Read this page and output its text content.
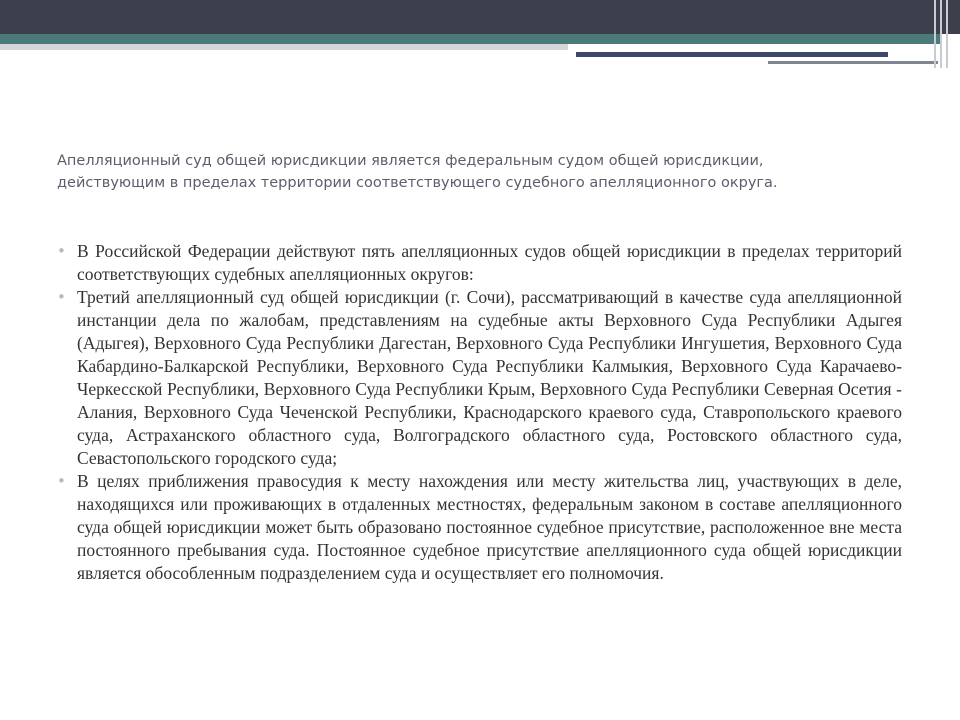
Апелляционный суд общей юрисдикции является федеральным судом общей юрисдикции, действующим в пределах территории соответствующего судебного апелляционного округа.

• В Российской Федерации действуют пять апелляционных судов общей юрисдикции в пределах территорий соответствующих судебных апелляционных округов:
• Третий апелляционный суд общей юрисдикции (г. Сочи), рассматривающий в качестве суда апелляционной инстанции дела по жалобам, представлениям на судебные акты Верховного Суда Республики Адыгея (Адыгея), Верховного Суда Республики Дагестан, Верховного Суда Республики Ингушетия, Верховного Суда Кабардино-Балкарской Республики, Верховного Суда Республики Калмыкия, Верховного Суда Карачаево-Черкесской Республики, Верховного Суда Республики Крым, Верховного Суда Республики Северная Осетия - Алания, Верховного Суда Чеченской Республики, Краснодарского краевого суда, Ставропольского краевого суда, Астраханского областного суда, Волгоградского областного суда, Ростовского областного суда, Севастопольского городского суда;
• В целях приближения правосудия к месту нахождения или месту жительства лиц, участвующих в деле, находящихся или проживающих в отдаленных местностях, федеральным законом в составе апелляционного суда общей юрисдикции может быть образовано постоянное судебное присутствие, расположенное вне места постоянного пребывания суда. Постоянное судебное присутствие апелляционного суда общей юрисдикции является обособленным подразделением суда и осуществляет его полномочия.
